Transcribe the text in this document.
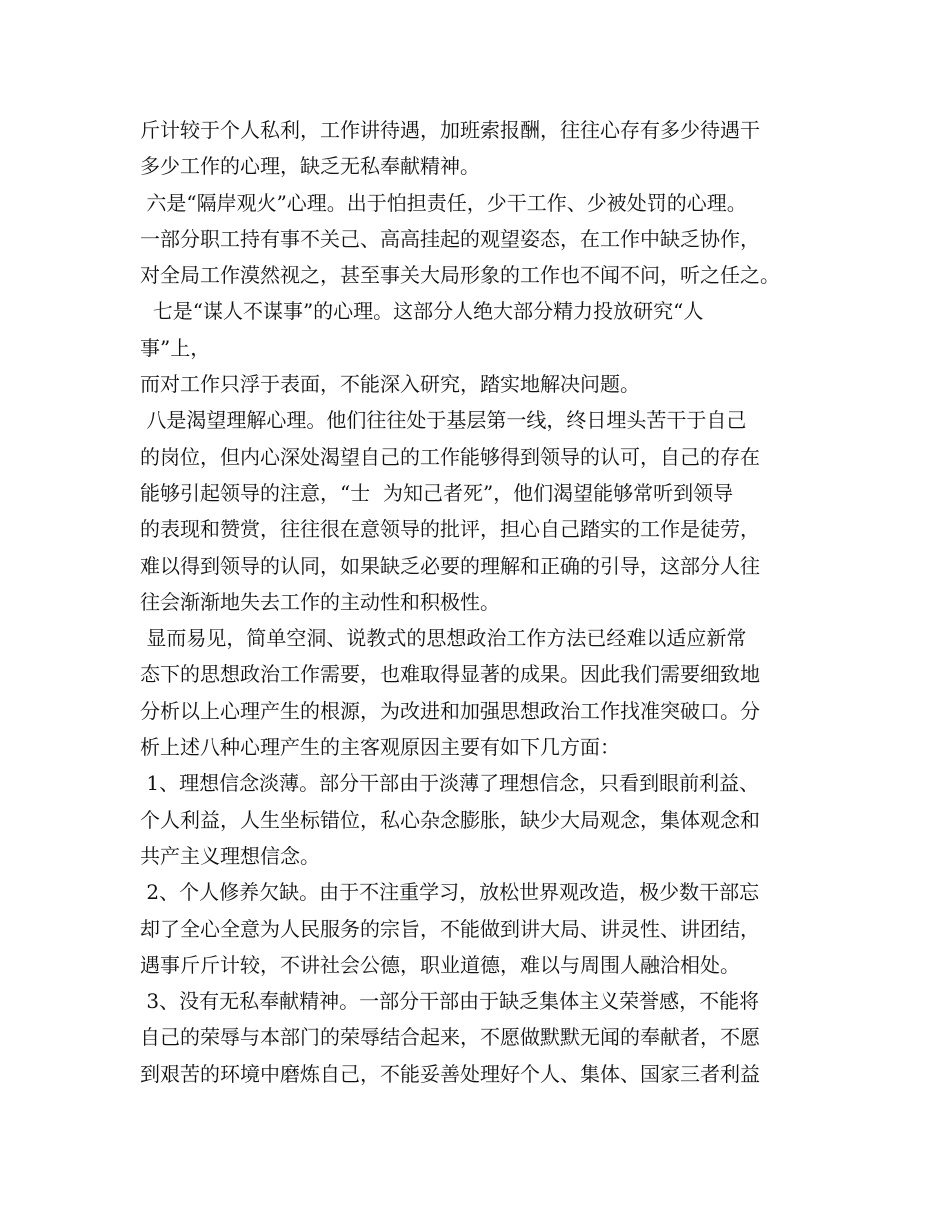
斤计较于个人私利，工作讲待遇，加班索报酬，往往心存有多少待遇干
多少工作的心理，缺乏无私奉献精神。
六是“隔岸观火”心理。出于怕担责任，少干工作、少被处罚的心理。
一部分职工持有事不关己、高高挂起的观望姿态，在工作中缺乏协作，
对全局工作漠然视之，甚至事关大局形象的工作也不闻不问，听之任之。
七是“谋人不谋事”的心理。这部分人绝大部分精力投放研究“人
事”上，
而对工作只浮于表面，不能深入研究，踏实地解决问题。
八是渴望理解心理。他们往往处于基层第一线，终日埋头苦干于自己
的岗位，但内心深处渴望自己的工作能够得到领导的认可，自己的存在
能够引起领导的注意，“士  为知己者死”，他们渴望能够常听到领导
的表现和赞赏，往往很在意领导的批评，担心自己踏实的工作是徒劳，
难以得到领导的认同，如果缺乏必要的理解和正确的引导，这部分人往
往会渐渐地失去工作的主动性和积极性。
显而易见，简单空洞、说教式的思想政治工作方法已经难以适应新常
态下的思想政治工作需要，也难取得显著的成果。因此我们需要细致地
分析以上心理产生的根源，为改进和加强思想政治工作找准突破口。分
析上述八种心理产生的主客观原因主要有如下几方面：
1、理想信念淡薄。部分干部由于淡薄了理想信念，只看到眼前利益、
个人利益，人生坐标错位，私心杂念膨胀，缺少大局观念，集体观念和
共产主义理想信念。
2、个人修养欠缺。由于不注重学习，放松世界观改造，极少数干部忘
却了全心全意为人民服务的宗旨，不能做到讲大局、讲灵性、讲团结，
遇事斤斤计较，不讲社会公德，职业道德，难以与周围人融洽相处。
3、没有无私奉献精神。一部分干部由于缺乏集体主义荣誉感，不能将
自己的荣辱与本部门的荣辱结合起来，不愿做默默无闻的奉献者，不愿
到艰苦的环境中磨炼自己，不能妥善处理好个人、集体、国家三者利益
